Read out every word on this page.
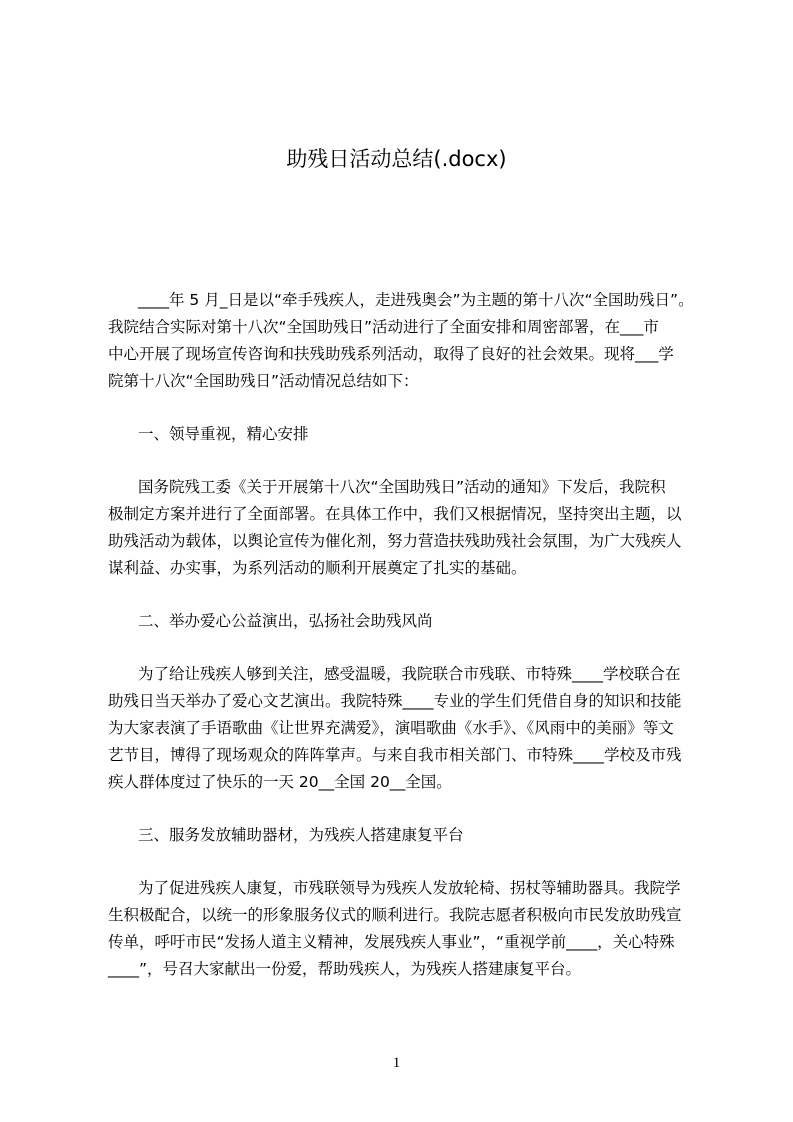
助残日活动总结(.docx)
____年 5 月_日是以“牵手残疾人，走进残奥会”为主题的第十八次“全国助残日”。
我院结合实际对第十八次“全国助残日”活动进行了全面安排和周密部署，在___市
中心开展了现场宣传咨询和扶残助残系列活动，取得了良好的社会效果。现将___学
院第十八次“全国助残日”活动情况总结如下：
一、领导重视，精心安排
国务院残工委《关于开展第十八次“全国助残日”活动的通知》下发后，我院积
极制定方案并进行了全面部署。在具体工作中，我们又根据情况，坚持突出主题，以
助残活动为载体，以舆论宣传为催化剂，努力营造扶残助残社会氛围，为广大残疾人
谋利益、办实事，为系列活动的顺利开展奠定了扎实的基础。
二、举办爱心公益演出，弘扬社会助残风尚
为了给让残疾人够到关注，感受温暖，我院联合市残联、市特殊____学校联合在
助残日当天举办了爱心文艺演出。我院特殊____专业的学生们凭借自身的知识和技能
为大家表演了手语歌曲《让世界充满爱》，演唱歌曲《水手》、《风雨中的美丽》等文
艺节目，博得了现场观众的阵阵掌声。与来自我市相关部门、市特殊____学校及市残
疾人群体度过了快乐的一天 20__全国 20__全国。
三、服务发放辅助器材，为残疾人搭建康复平台
为了促进残疾人康复，市残联领导为残疾人发放轮椅、拐杖等辅助器具。我院学
生积极配合，以统一的形象服务仪式的顺利进行。我院志愿者积极向市民发放助残宣
传单，呼吁市民“发扬人道主义精神，发展残疾人事业”，“重视学前____，关心特殊
____”，号召大家献出一份爱，帮助残疾人，为残疾人搭建康复平台。
1
